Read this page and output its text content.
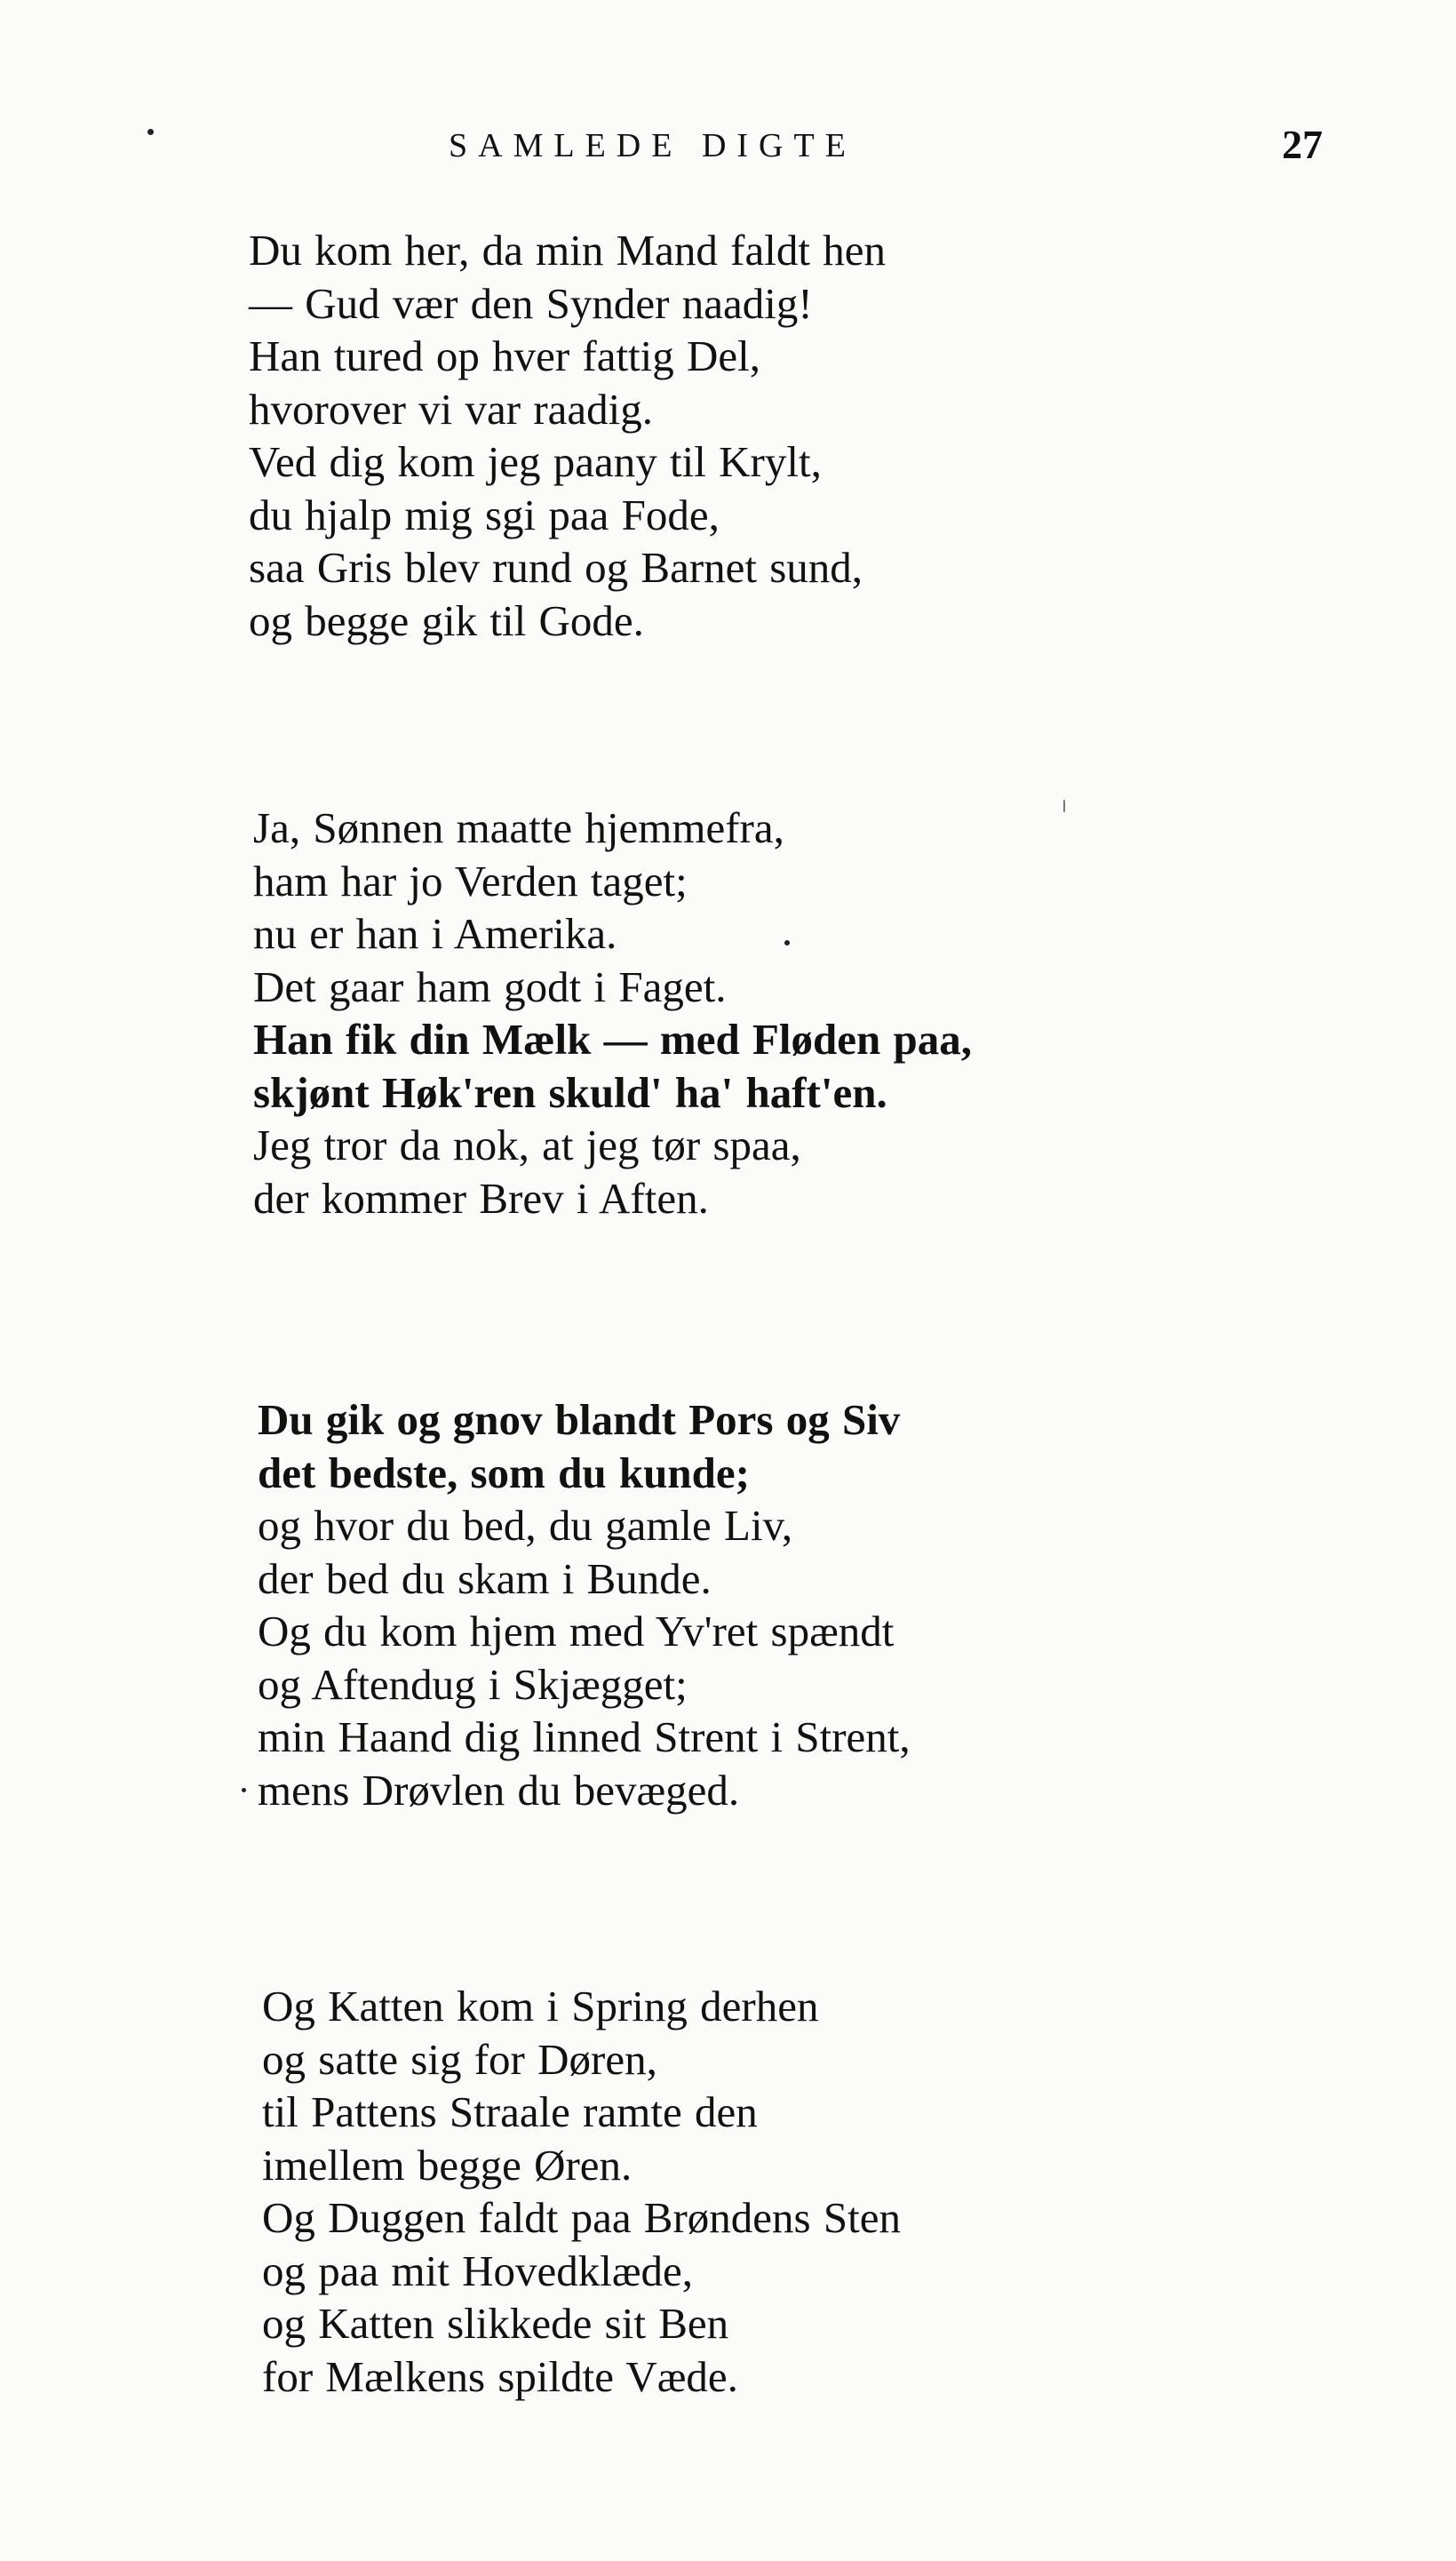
SAMLEDE DIGTE	27
Du kom her, da min Mand faldt hen
— Gud vær den Synder naadig!
Han tured op hver fattig Del,
hvorover vi var raadig.
Ved dig kom jeg paany til Krylt,
du hjalp mig sgi paa Fode,
saa Gris blev rund og Barnet sund,
og begge gik til Gode.
Ja, Sønnen maatte hjemmefra,
ham har jo Verden taget;
nu er han i Amerika.
Det gaar ham godt i Faget.
Han fik din Mælk — med Fløden paa,
skjønt Høk'ren skuld' ha' haft'en.
Jeg tror da nok, at jeg tør spaa,
der kommer Brev i Aften.
Du gik og gnov blandt Pors og Siv
det bedste, som du kunde;
og hvor du bed, du gamle Liv,
der bed du skam i Bunde.
Og du kom hjem med Yv'ret spændt
og Aftendug i Skjægget;
min Haand dig linned Strent i Strent,
mens Drøvlen du bevæged.
Og Katten kom i Spring derhen
og satte sig for Døren,
til Pattens Straale ramte den
imellem begge Øren.
Og Duggen faldt paa Brøndens Sten
og paa mit Hovedklæde,
og Katten slikkede sit Ben
for Mælkens spildte Væde.
